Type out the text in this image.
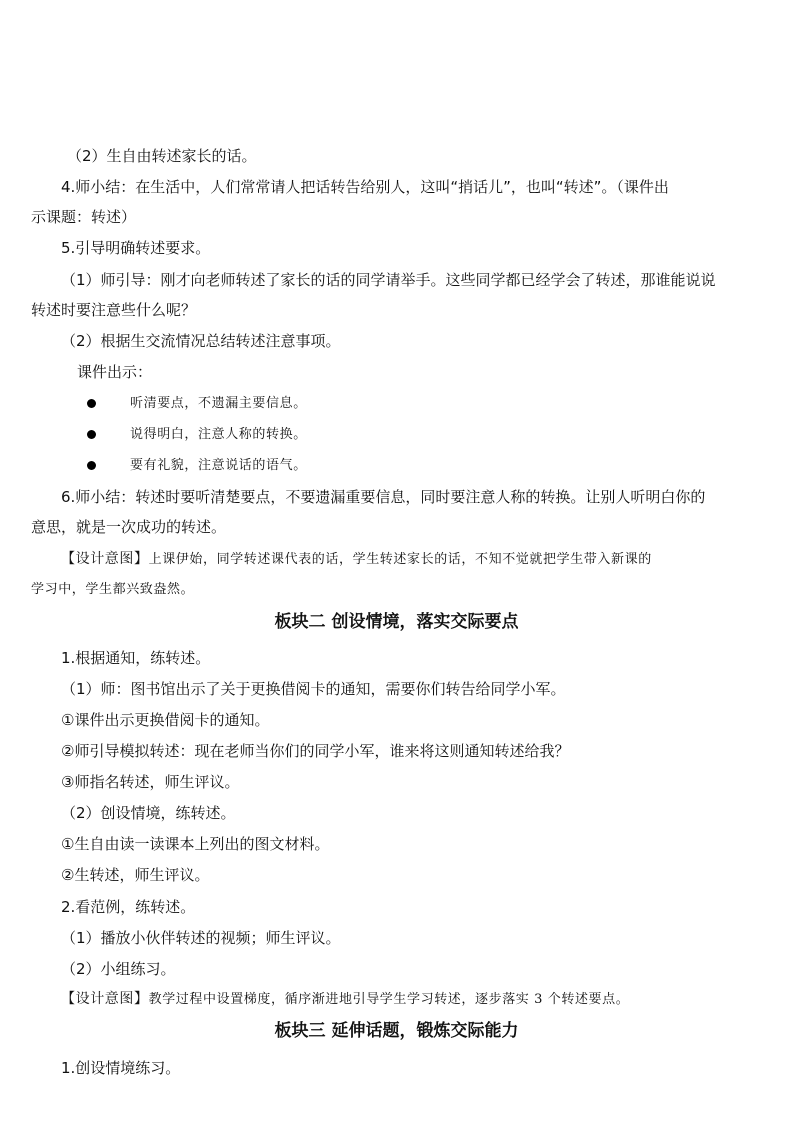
（2）生自由转述家长的话。
4.师小结：在生活中，人们常常请人把话转告给别人，这叫“捎话儿”，也叫“转述”。（课件出
示课题：转述）
5.引导明确转述要求。
（1）师引导：刚才向老师转述了家长的话的同学请举手。这些同学都已经学会了转述，那谁能说说
转述时要注意些什么呢？
（2）根据生交流情况总结转述注意事项。
课件出示：
听清要点，不遗漏主要信息。
说得明白，注意人称的转换。
要有礼貌，注意说话的语气。
6.师小结：转述时要听清楚要点，不要遗漏重要信息，同时要注意人称的转换。让别人听明白你的
意思，就是一次成功的转述。
【设计意图】上课伊始，同学转述课代表的话，学生转述家长的话，不知不觉就把学生带入新课的
学习中，学生都兴致盎然。
板块二 创设情境，落实交际要点
1.根据通知，练转述。
（1）师：图书馆出示了关于更换借阅卡的通知，需要你们转告给同学小军。
①课件出示更换借阅卡的通知。
②师引导模拟转述：现在老师当你们的同学小军，谁来将这则通知转述给我？
③师指名转述，师生评议。
（2）创设情境，练转述。
①生自由读一读课本上列出的图文材料。
②生转述，师生评议。
2.看范例，练转述。
（1）播放小伙伴转述的视频；师生评议。
（2）小组练习。
【设计意图】教学过程中设置梯度，循序渐进地引导学生学习转述，逐步落实 3 个转述要点。
板块三 延伸话题，锻炼交际能力
1.创设情境练习。
